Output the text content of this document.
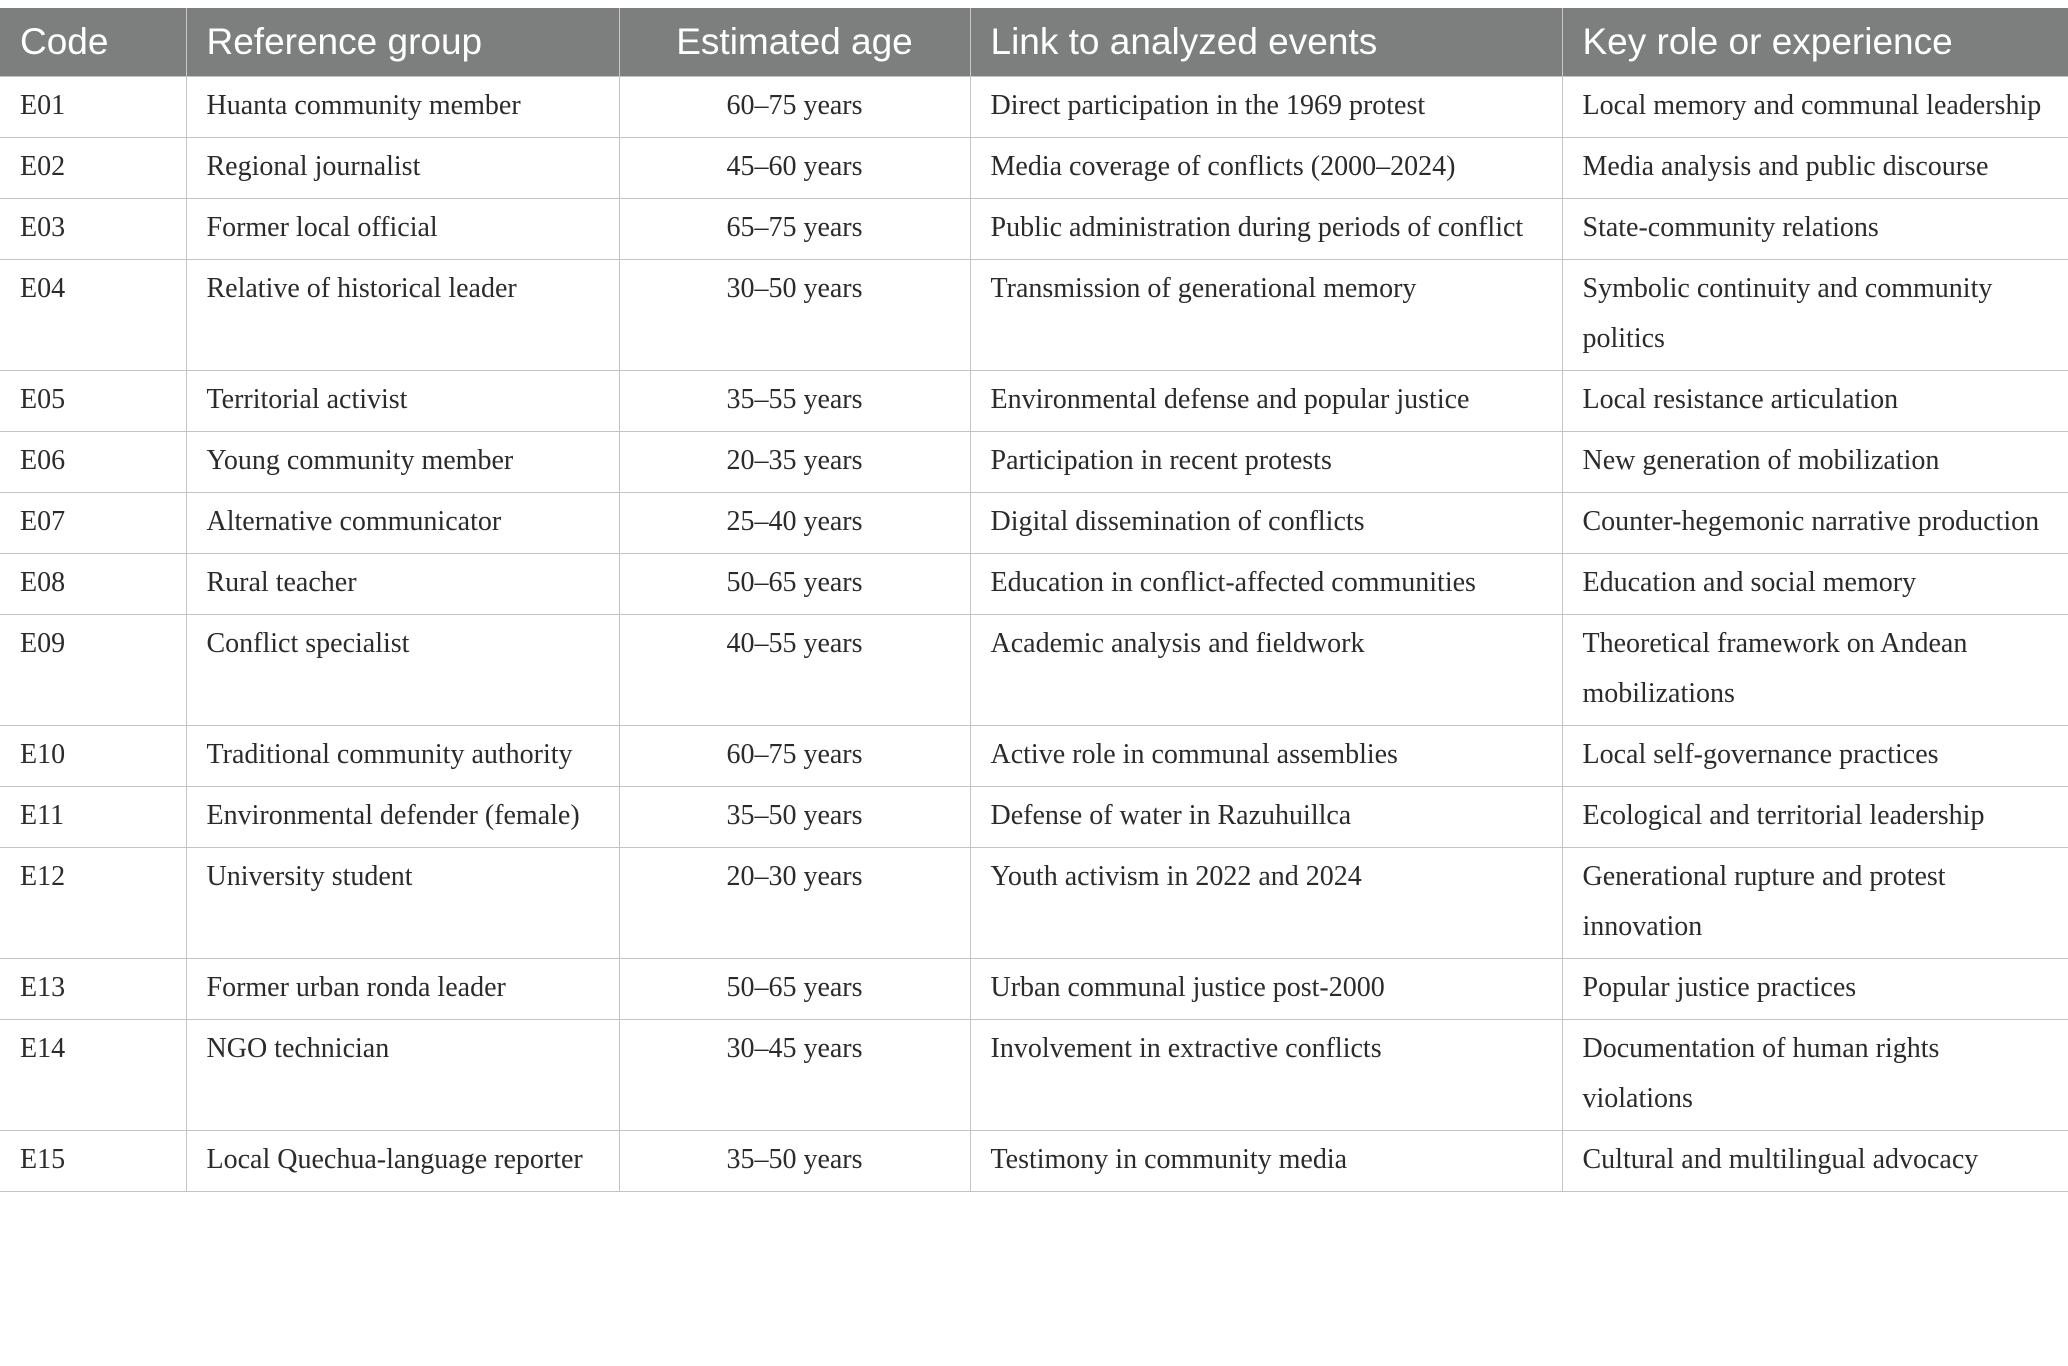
Code	Reference group	Estimated age	Link to analyzed events	Key role or experience
E01	Huanta community member	60–75 years	Direct participation in the 1969 protest	Local memory and communal leadership
E02	Regional journalist	45–60 years	Media coverage of conflicts (2000–2024)	Media analysis and public discourse
E03	Former local official	65–75 years	Public administration during periods of conflict	State-community relations
E04	Relative of historical leader	30–50 years	Transmission of generational memory	Symbolic continuity and community politics
E05	Territorial activist	35–55 years	Environmental defense and popular justice	Local resistance articulation
E06	Young community member	20–35 years	Participation in recent protests	New generation of mobilization
E07	Alternative communicator	25–40 years	Digital dissemination of conflicts	Counter-hegemonic narrative production
E08	Rural teacher	50–65 years	Education in conflict-affected communities	Education and social memory
E09	Conflict specialist	40–55 years	Academic analysis and fieldwork	Theoretical framework on Andean mobilizations
E10	Traditional community authority	60–75 years	Active role in communal assemblies	Local self-governance practices
E11	Environmental defender (female)	35–50 years	Defense of water in Razuhuillca	Ecological and territorial leadership
E12	University student	20–30 years	Youth activism in 2022 and 2024	Generational rupture and protest innovation
E13	Former urban ronda leader	50–65 years	Urban communal justice post-2000	Popular justice practices
E14	NGO technician	30–45 years	Involvement in extractive conflicts	Documentation of human rights violations
E15	Local Quechua-language reporter	35–50 years	Testimony in community media	Cultural and multilingual advocacy
